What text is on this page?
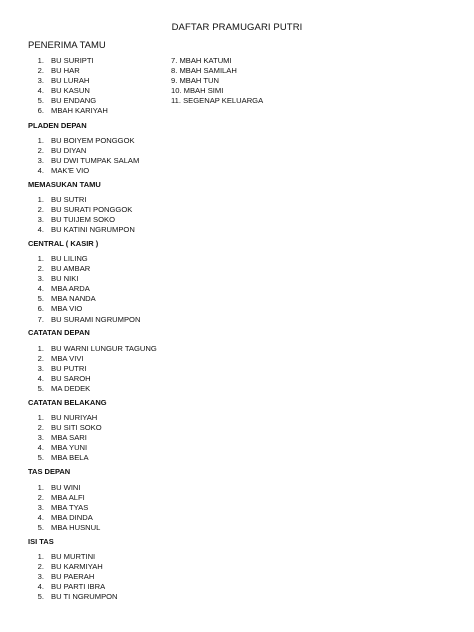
DAFTAR PRAMUGARI PUTRI
PENERIMA TAMU
1. BU SURIPTI
2. BU HAR
3. BU LURAH
4. BU KASUN
5. BU ENDANG
6. MBAH KARIYAH
7. MBAH KATUMI
8. MBAH SAMILAH
9. MBAH TUN
10. MBAH SIMI
11. SEGENAP KELUARGA
PLADEN DEPAN
1. BU BOIYEM PONGGOK
2. BU DIYAN
3. BU DWI TUMPAK SALAM
4. MAK'E VIO
MEMASUKAN TAMU
1. BU SUTRI
2. BU SURATI PONGGOK
3. BU TUIJEM SOKO
4. BU KATINI NGRUMPON
CENTRAL ( KASIR )
1. BU LILING
2. BU AMBAR
3. BU NIKI
4. MBA ARDA
5. MBA NANDA
6. MBA VIO
7. BU SURAMI NGRUMPON
CATATAN DEPAN
1. BU WARNI LUNGUR TAGUNG
2. MBA VIVI
3. BU PUTRI
4. BU SAROH
5. MA DEDEK
CATATAN BELAKANG
1. BU NURIYAH
2. BU SITI SOKO
3. MBA SARI
4. MBA YUNI
5. MBA BELA
TAS DEPAN
1. BU WINI
2. MBA ALFI
3. MBA TYAS
4. MBA DINDA
5. MBA HUSNUL
ISI TAS
1. BU MURTINI
2. BU KARMIYAH
3. BU PAERAH
4. BU PARTI IBRA
5. BU TI NGRUMPON
